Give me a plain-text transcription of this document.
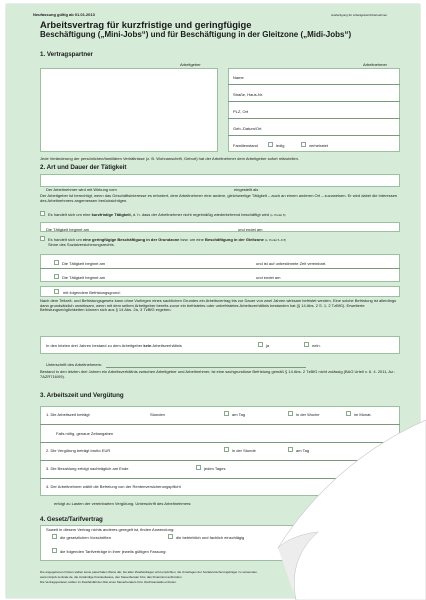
Neufassung gültig ab 01.01.2013	Ausfertigung für Arbeitgeber/Arbeitnehmer
Arbeitsvertrag für kurzfristige und geringfügige
Beschäftigung („Mini-Jobs“) und für Beschäftigung in der Gleitzone („Midi-Jobs“)
1. Vertragspartner
Arbeitgeber	Arbeitnehmer
Name
Straße, Haus-Nr.
PLZ, Ort
Geb.-Datum/Ort
Familienstand	ledig	verheiratet
Jede Veränderung der persönlichen/familiären Verhältnisse (z. B. Wohnanschrift, Geburt) hat der Arbeitnehmer dem Arbeitgeber sofort mitzuteilen.
2. Art und Dauer der Tätigkeit
Der Arbeitnehmer wird mit Wirkung vom	eingestellt als
Der Arbeitgeber ist berechtigt, wenn das Geschäftsinteresse es erfordert, dem Arbeitnehmer eine andere, gleichwertige Tätigkeit – auch an einem anderen Ort – zuzuweisen. Er wird dabei die Interessen des Arbeitnehmers angemessen berücksichtigen.
Es handelt sich um eine kurzfristige Tätigkeit, d. h. dass der Arbeitnehmer nicht regelmäßig wiederkehrend beschäftigt wird (s. Punkt 5)
Die Tätigkeit beginnt am	und endet am
Es handelt sich um eine geringfügige Beschäftigung in der Grundzone bzw. um eine Beschäftigung in der Gleitzone (s. Punkt 5–6 ff)
Sinne des Sozialversicherungsrechts.
Die Tätigkeit beginnt am	und ist auf unbestimmte Zeit vereinbart.
Die Tätigkeit beginnt am	und endet am
mit folgendem Befristungsgrund:
Nach dem Teilzeit- und Befristungsgesetz kann ohne Vorliegen eines sachlichen Grundes ein Arbeitsvertrag bis zur Dauer von zwei Jahren wirksam befristet werden. Eine solche Befristung ist allerdings dann grundsätzlich unwirksam, wenn mit dem selben Arbeitgeber bereits zuvor ein befristetes oder unbefristetes Arbeitsverhältnis bestanden hat (§ 14 Abs. 2 S. 1, 2 TzBfG). Erweiterte Befristungsmöglichkeiten können sich aus § 14 Abs. 2a, 3 TzBfG ergeben.
In den letzten drei Jahren bestand zu dem Arbeitgeber kein Arbeitsverhältnis	ja	nein.
Unterschrift des Arbeitnehmers:
Bestand in den letzten drei Jahren ein Arbeitsverhältnis zwischen Arbeitgeber und Arbeitnehmer, ist eine sachgrundlose Befristung gemäß § 14 Abs. 2 TzBfG nicht zulässig (BAG Urteil v. 6. 4. 2011, Az.: 7AZR716/09).
3. Arbeitszeit und Vergütung
1. Die Arbeitszeit beträgt	Stunden	am Tag	in der Woche	im Monat.
Falls nötig, genaue Zeitangaben
2. Die Vergütung beträgt brutto EUR	in der Stunde	am Tag
3. Die Bezahlung erfolgt nachträglich am Ende	jeden Tages
4. Der Arbeitnehmer wählt die Befreiung von der Rentenversicherungspflicht
erfolgt zu Lasten der vereinbarten Vergütung. Unterschrift des Arbeitnehmers:
4. Gesetz/Tarifvertrag
Soweit in diesem Vertrag nichts anderes geregelt ist, finden Anwendung:
die gesetzlichen Vorschriften	die betrieblich und fachlich einschlägig
die folgenden Tarifverträge in ihrer jeweils gültigen Fassung:
Die angegebenen Fristen stellen keine pauschalen Werte dar, bei allen Zweifelsfragen wird empfohlen, die Unterlagen der Sozialversicherungsträger zu verwenden.
www.minijob-zentrale.de, die zuständige Krankenkasse, den Steuerberater bzw. das Finanzamt aufzurufen.
Die Vertragsparteien sollten im Zweifelsfall den Rat eines Steuerberaters bzw. Rechtsanwalts einholen.
